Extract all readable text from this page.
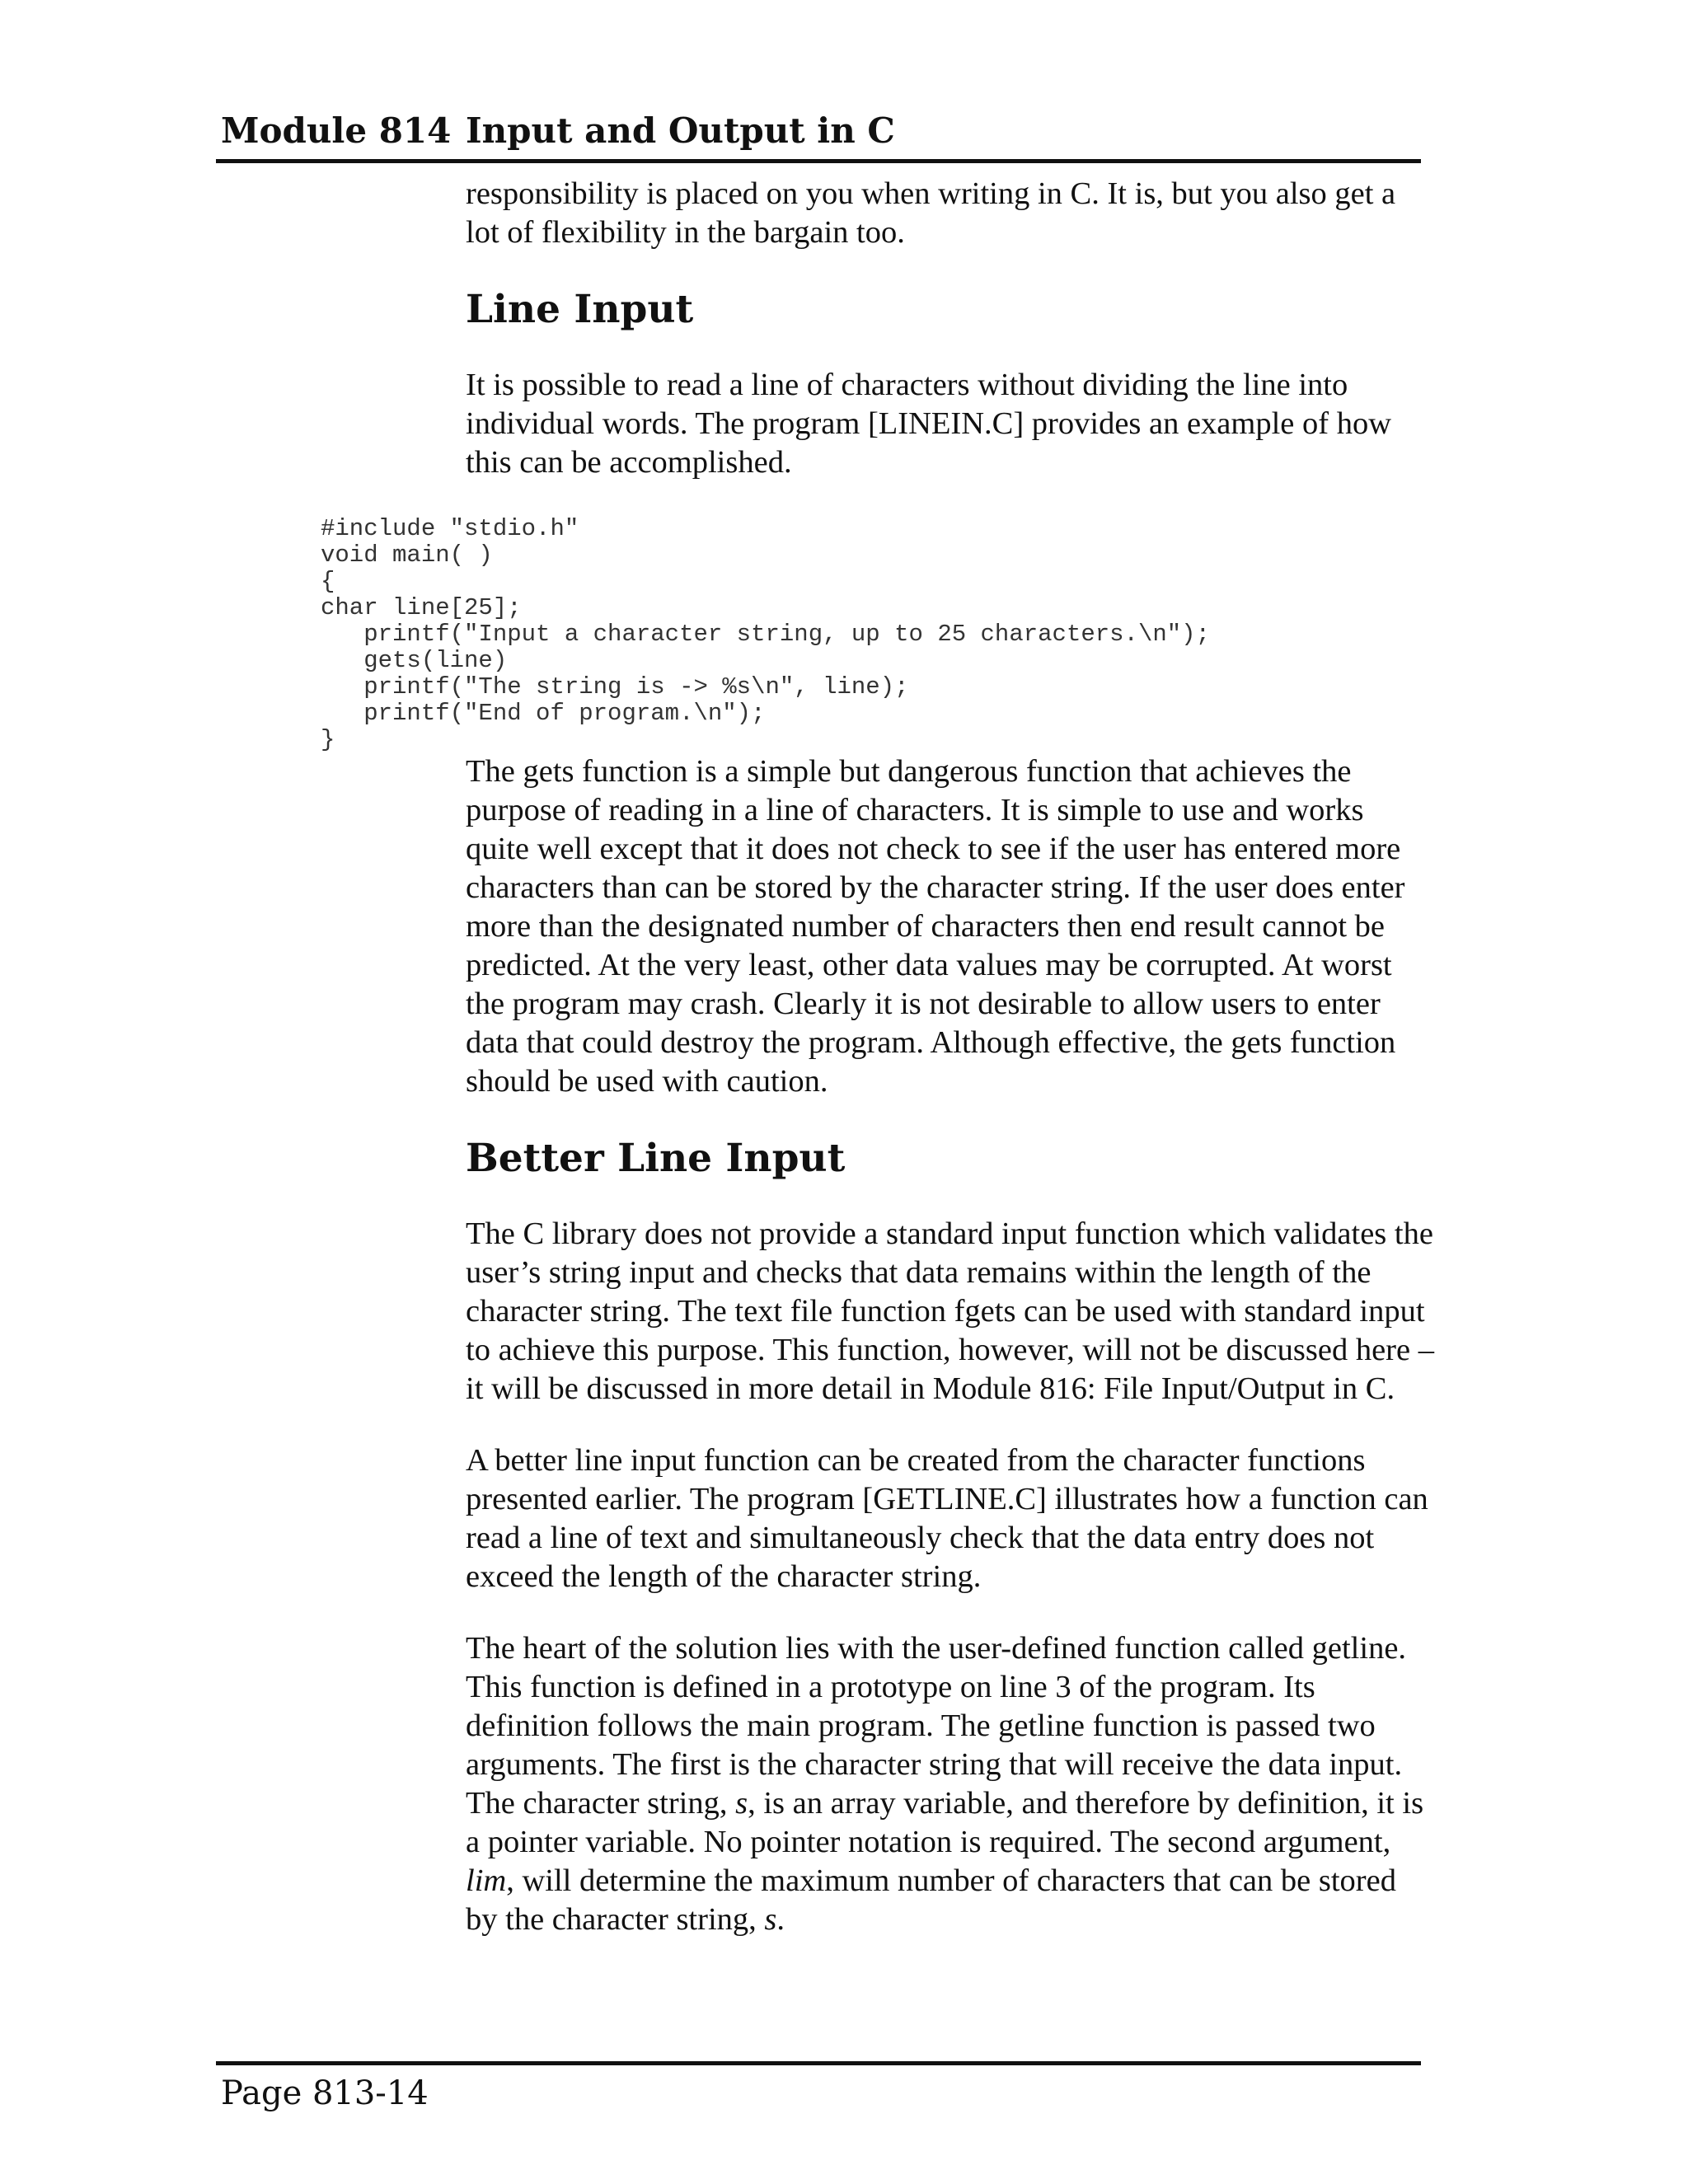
Module 814 Input and Output in C

responsibility is placed on you when writing in C. It is, but you also get a lot of flexibility in the bargain too.

Line Input

It is possible to read a line of characters without dividing the line into individual words. The program [LINEIN.C] provides an example of how this can be accomplished.

#include "stdio.h"
void main( )
{
char line[25];
printf("Input a character string, up to 25 characters.\n");
gets(line)
printf("The string is -> %s\n", line);
printf("End of program.\n");
}

The gets function is a simple but dangerous function that achieves the purpose of reading in a line of characters. It is simple to use and works quite well except that it does not check to see if the user has entered more characters than can be stored by the character string. If the user does enter more than the designated number of characters then end result cannot be predicted. At the very least, other data values may be corrupted. At worst the program may crash. Clearly it is not desirable to allow users to enter data that could destroy the program. Although effective, the gets function should be used with caution.

Better Line Input

The C library does not provide a standard input function which validates the user’s string input and checks that data remains within the length of the character string. The text file function fgets can be used with standard input to achieve this purpose. This function, however, will not be discussed here – it will be discussed in more detail in Module 816: File Input/Output in C.

A better line input function can be created from the character functions presented earlier. The program [GETLINE.C] illustrates how a function can read a line of text and simultaneously check that the data entry does not exceed the length of the character string.

The heart of the solution lies with the user-defined function called getline. This function is defined in a prototype on line 3 of the program. Its definition follows the main program. The getline function is passed two arguments. The first is the character string that will receive the data input. The character string, s, is an array variable, and therefore by definition, it is a pointer variable. No pointer notation is required. The second argument, lim, will determine the maximum number of characters that can be stored by the character string, s.

Page 813-14
